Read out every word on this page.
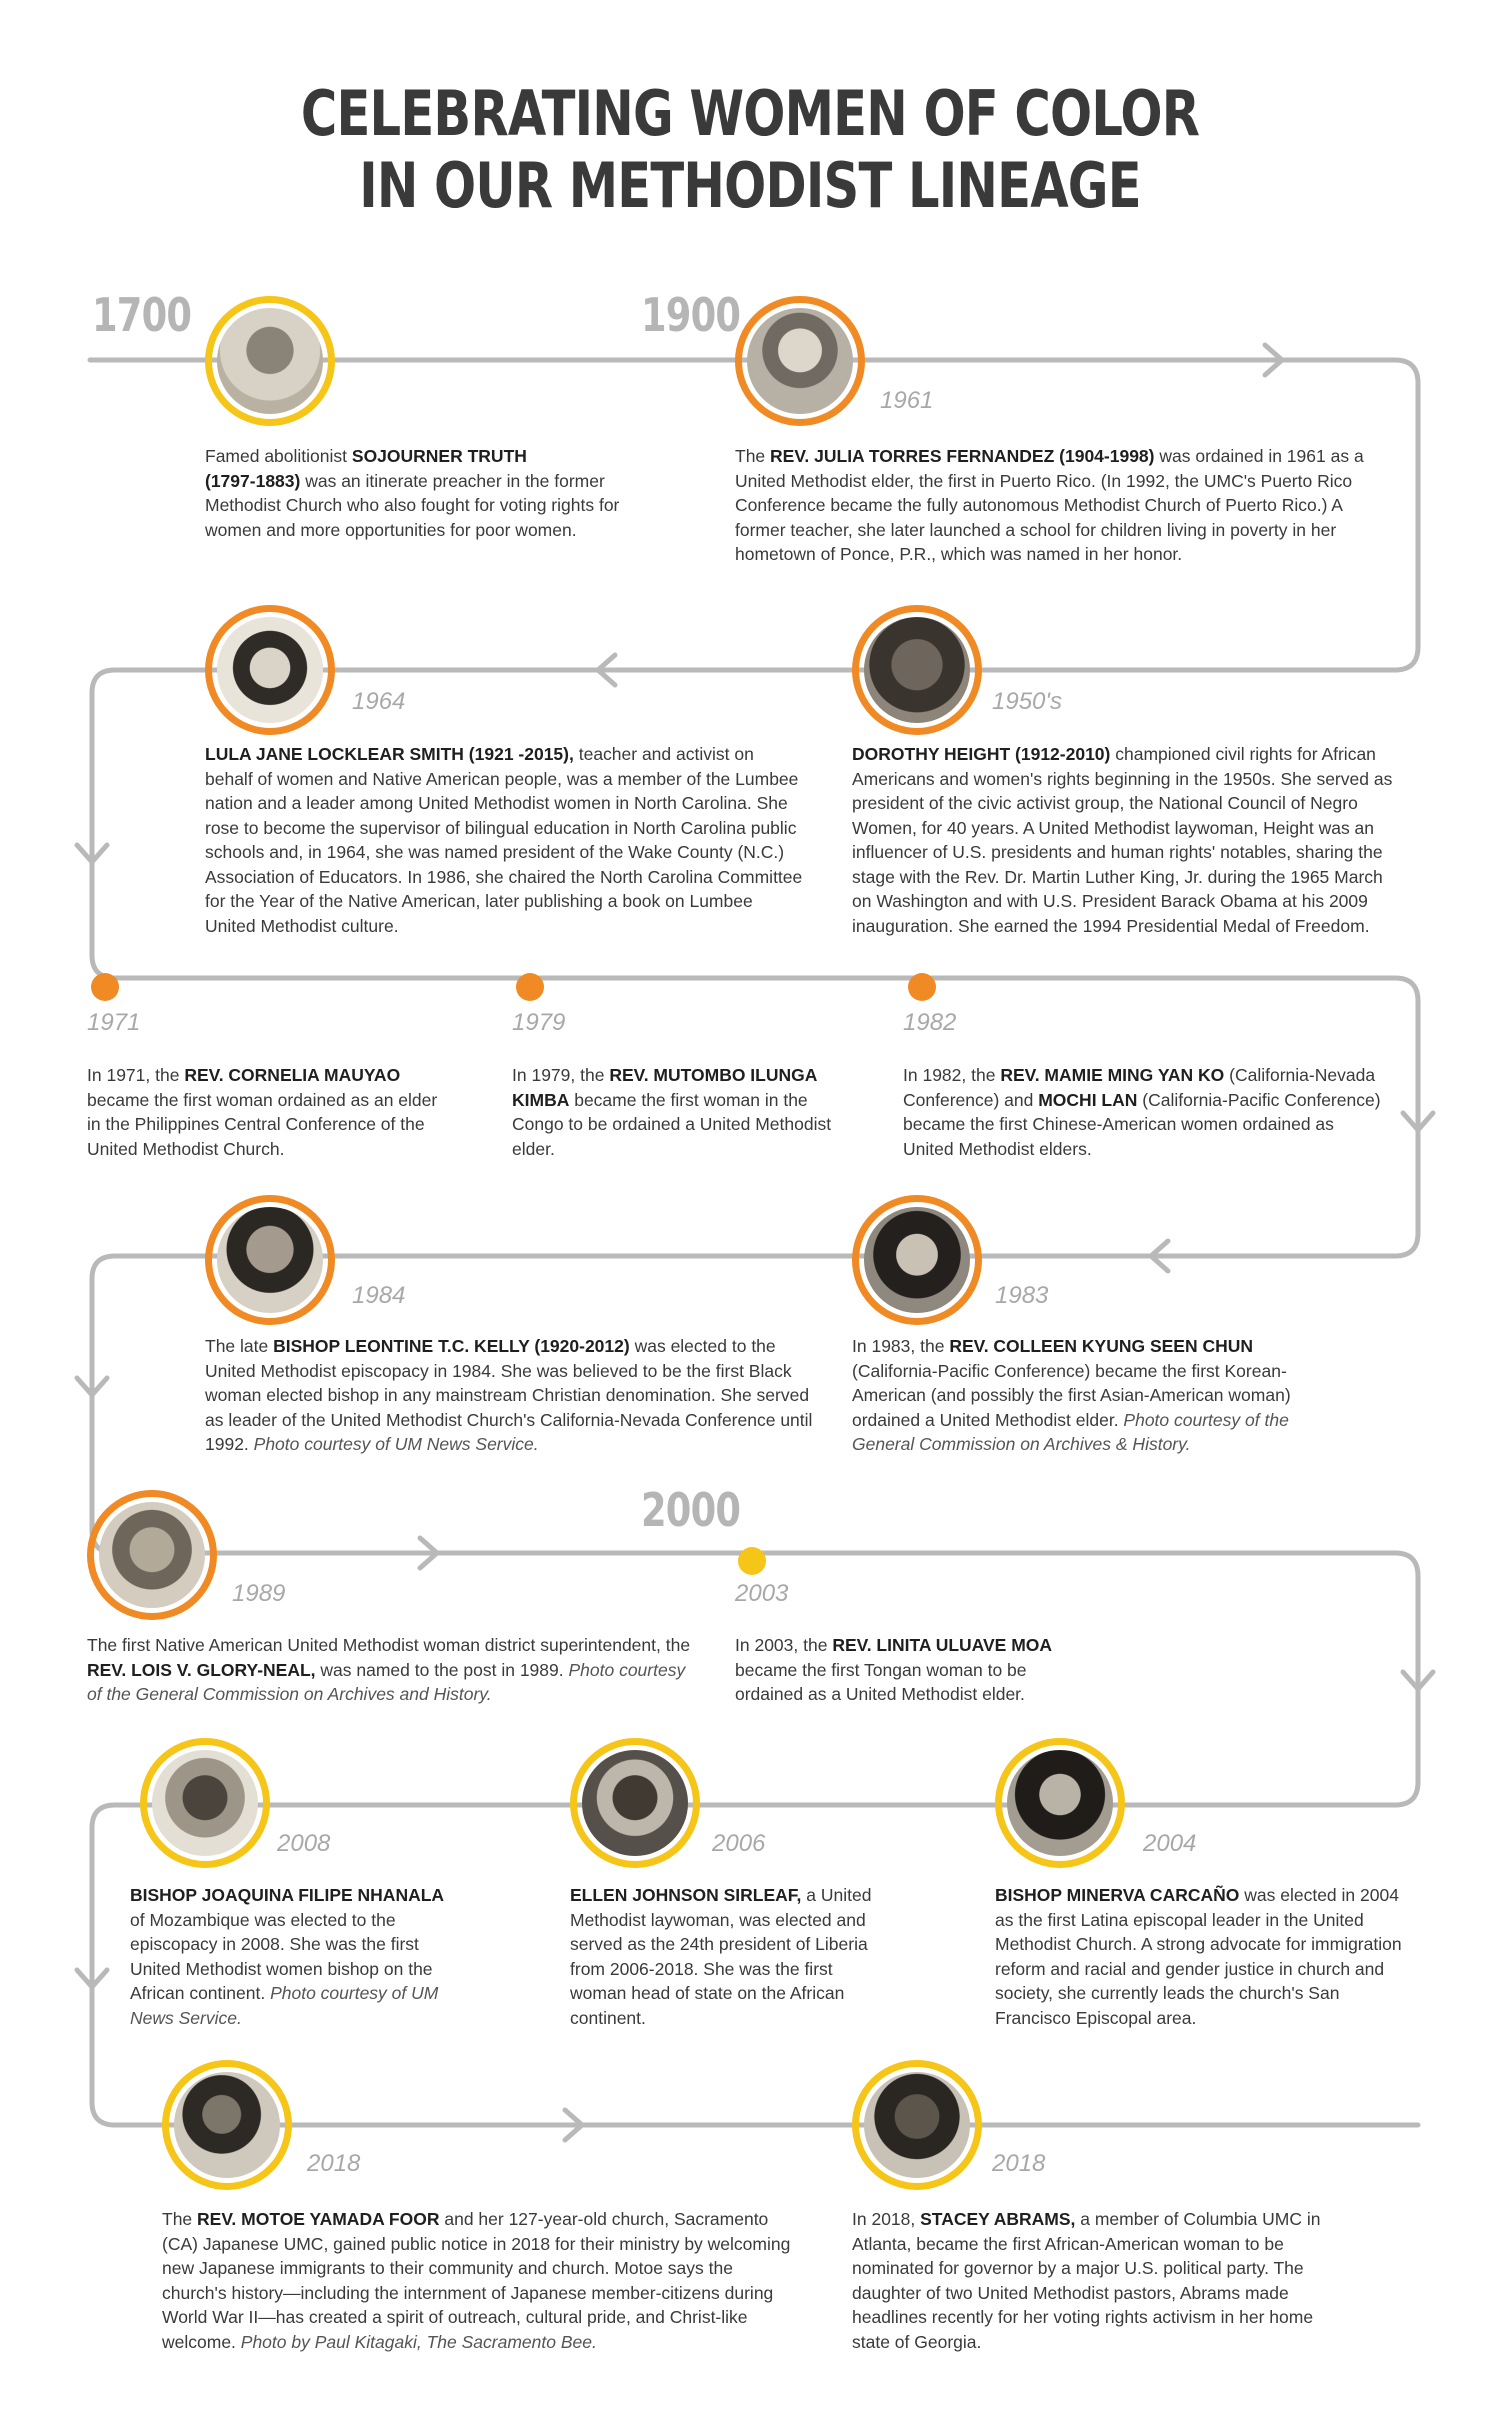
CELEBRATING WOMEN OF COLOR
IN OUR METHODIST LINEAGE
1700	1900
2000
1961
1964	1950's
1971	1979	1982
1984	1983
1989	2003
2008	2006	2004
2018	2018
Famed abolitionist SOJOURNER TRUTH
(1797-1883) was an itinerate preacher in the former Methodist Church who also fought for voting rights for women and more opportunities for poor women.
The REV. JULIA TORRES FERNANDEZ (1904-1998) was ordained in 1961 as a United Methodist elder, the first in Puerto Rico. (In 1992, the UMC's Puerto Rico Conference became the fully autonomous Methodist Church of Puerto Rico.) A former teacher, she later launched a school for children living in poverty in her hometown of Ponce, P.R., which was named in her honor.
LULA JANE LOCKLEAR SMITH (1921 -2015), teacher and activist on behalf of women and Native American people, was a member of the Lumbee nation and a leader among United Methodist women in North Carolina. She rose to become the supervisor of bilingual education in North Carolina public schools and, in 1964, she was named president of the Wake County (N.C.) Association of Educators. In 1986, she chaired the North Carolina Committee for the Year of the Native American, later publishing a book on Lumbee United Methodist culture.
DOROTHY HEIGHT (1912-2010) championed civil rights for African Americans and women's rights beginning in the 1950s. She served as president of the civic activist group, the National Council of Negro Women, for 40 years. A United Methodist laywoman, Height was an influencer of U.S. presidents and human rights' notables, sharing the stage with the Rev. Dr. Martin Luther King, Jr. during the 1965 March on Washington and with U.S. President Barack Obama at his 2009 inauguration. She earned the 1994 Presidential Medal of Freedom.
In 1971, the REV. CORNELIA MAUYAO became the first woman ordained as an elder in the Philippines Central Conference of the United Methodist Church.
In 1979, the REV. MUTOMBO ILUNGA KIMBA became the first woman in the Congo to be ordained a United Methodist elder.
In 1982, the REV. MAMIE MING YAN KO (California-Nevada Conference) and MOCHI LAN (California-Pacific Conference) became the first Chinese-American women ordained as United Methodist elders.
The late BISHOP LEONTINE T.C. KELLY (1920-2012) was elected to the United Methodist episcopacy in 1984. She was believed to be the first Black woman elected bishop in any mainstream Christian denomination. She served as leader of the United Methodist Church's California-Nevada Conference until 1992. Photo courtesy of UM News Service.
In 1983, the REV. COLLEEN KYUNG SEEN CHUN (California-Pacific Conference) became the first Korean-American (and possibly the first Asian-American woman) ordained a United Methodist elder. Photo courtesy of the General Commission on Archives & History.
The first Native American United Methodist woman district superintendent, the REV. LOIS V. GLORY-NEAL, was named to the post in 1989. Photo courtesy of the General Commission on Archives and History.
In 2003, the REV. LINITA ULUAVE MOA became the first Tongan woman to be ordained as a United Methodist elder.
BISHOP JOAQUINA FILIPE NHANALA of Mozambique was elected to the episcopacy in 2008. She was the first United Methodist women bishop on the African continent. Photo courtesy of UM News Service.
ELLEN JOHNSON SIRLEAF, a United Methodist laywoman, was elected and served as the 24th president of Liberia from 2006-2018. She was the first woman head of state on the African continent.
BISHOP MINERVA CARCAÑO was elected in 2004 as the first Latina episcopal leader in the United Methodist Church. A strong advocate for immigration reform and racial and gender justice in church and society, she currently leads the church's San Francisco Episcopal area.
The REV. MOTOE YAMADA FOOR and her 127-year-old church, Sacramento (CA) Japanese UMC, gained public notice in 2018 for their ministry by welcoming new Japanese immigrants to their community and church. Motoe says the church's history—including the internment of Japanese member-citizens during World War II—has created a spirit of outreach, cultural pride, and Christ-like welcome. Photo by Paul Kitagaki, The Sacramento Bee.
In 2018, STACEY ABRAMS, a member of Columbia UMC in Atlanta, became the first African-American woman to be nominated for governor by a major U.S. political party. The daughter of two United Methodist pastors, Abrams made headlines recently for her voting rights activism in her home state of Georgia.
